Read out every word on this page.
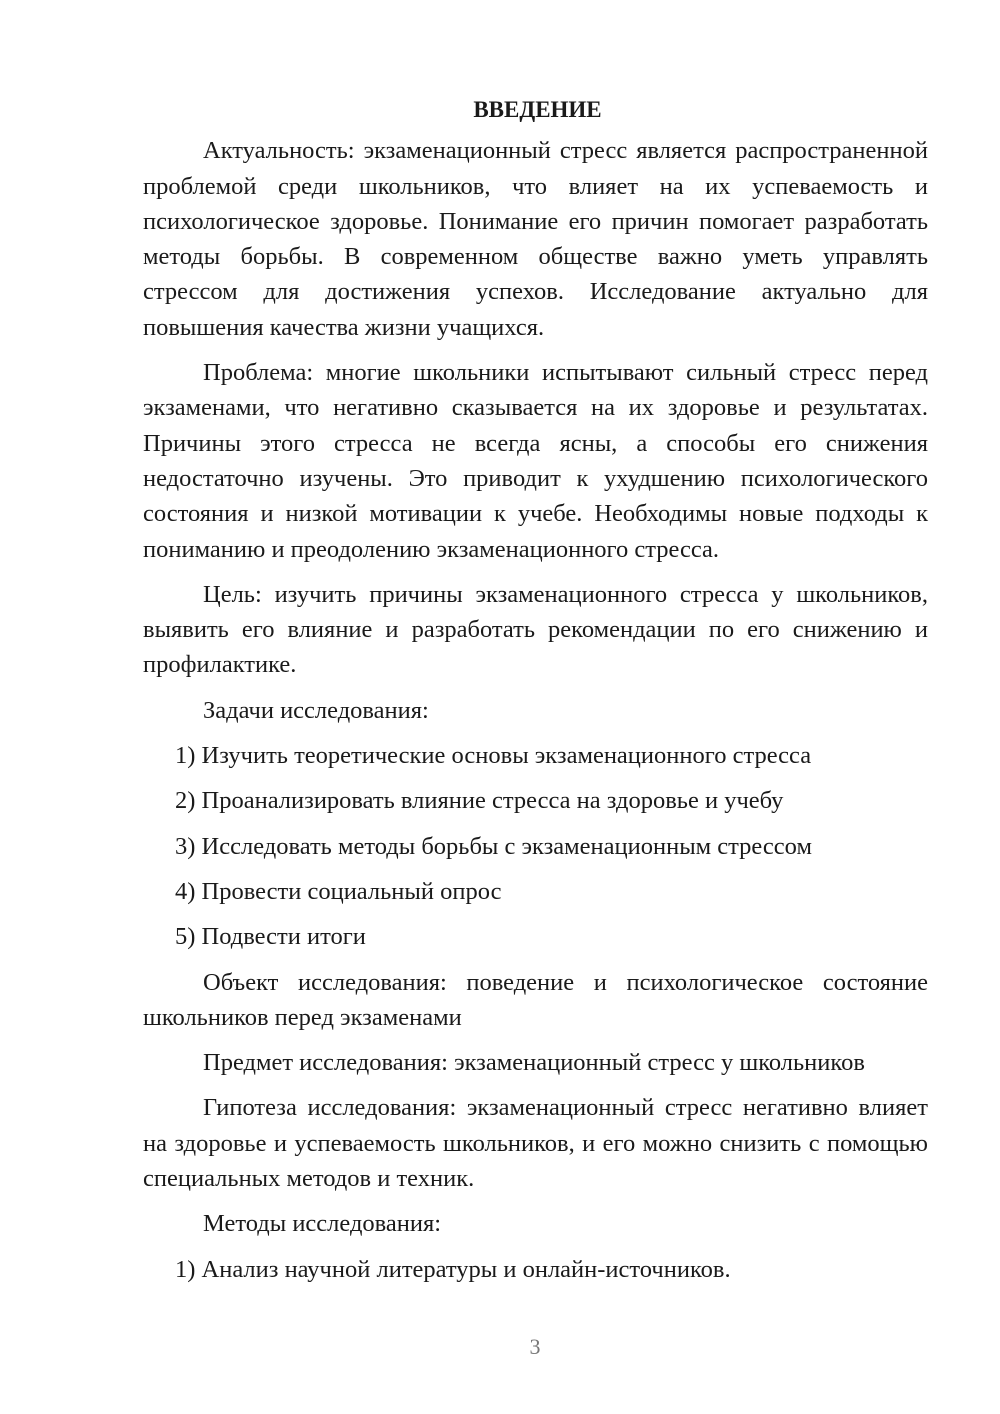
ВВЕДЕНИЕ

Актуальность: экзаменационный стресс является распространенной проблемой среди школьников, что влияет на их успеваемость и психологическое здоровье. Понимание его причин помогает разработать методы борьбы. В современном обществе важно уметь управлять стрессом для достижения успехов. Исследование актуально для повышения качества жизни учащихся.

Проблема: многие школьники испытывают сильный стресс перед экзаменами, что негативно сказывается на их здоровье и результатах. Причины этого стресса не всегда ясны, а способы его снижения недостаточно изучены. Это приводит к ухудшению психологического состояния и низкой мотивации к учебе. Необходимы новые подходы к пониманию и преодолению экзаменационного стресса.

Цель: изучить причины экзаменационного стресса у школьников, выявить его влияние и разработать рекомендации по его снижению и профилактике.

Задачи исследования:

1) Изучить теоретические основы экзаменационного стресса
2) Проанализировать влияние стресса на здоровье и учебу
3) Исследовать методы борьбы с экзаменационным стрессом
4) Провести социальный опрос
5) Подвести итоги

Объект исследования: поведение и психологическое состояние школьников перед экзаменами

Предмет исследования: экзаменационный стресс у школьников

Гипотеза исследования: экзаменационный стресс негативно влияет на здоровье и успеваемость школьников, и его можно снизить с помощью специальных методов и техник.

Методы исследования:

1) Анализ научной литературы и онлайн-источников.
3
